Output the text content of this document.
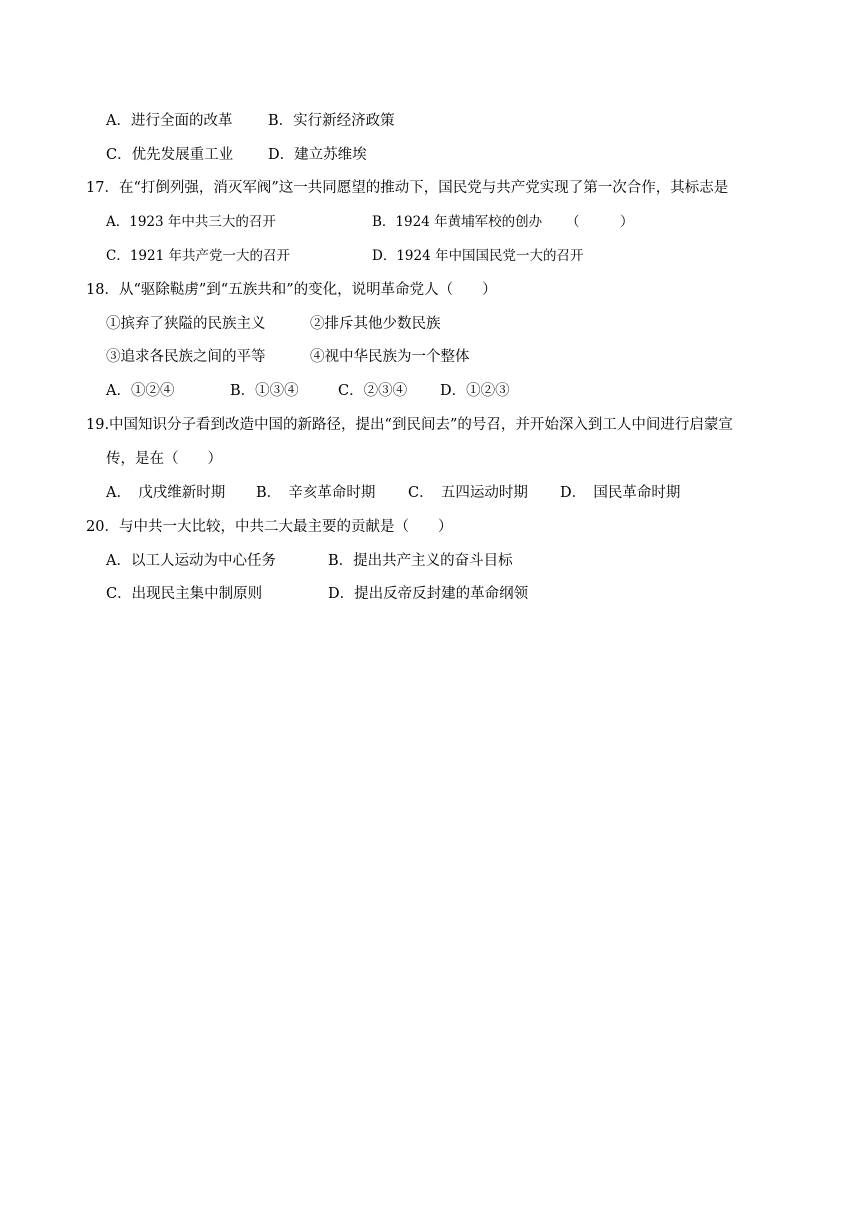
A．进行全面的改革 B．实行新经济政策
C．优先发展重工业 D．建立苏维埃
17．在“打倒列强，消灭军阀”这一共同愿望的推动下，国民党与共产党实现了第一次合作，其标志是
A．1923 年中共三大的召开	B．1924 年黄埔军校的创办 （　　　）
C．1921 年共产党一大的召开	D．1924 年中国国民党一大的召开
18．从“驱除鞑虏”到“五族共和”的变化，说明革命党人（　　）
①摈弃了狭隘的民族主义	②排斥其他少数民族
③追求各民族之间的平等	④视中华民族为一个整体
A．①②④	B．①③④	C．②③④ D．①②③
19.中国知识分子看到改造中国的新路径，提出“到民间去”的号召，并开始深入到工人中间进行启蒙宣
传，是在（　　）
A．　戊戌维新时期 B．　辛亥革命时期 C．　五四运动时期 D．　国民革命时期
20．与中共一大比较，中共二大最主要的贡献是（　　）
A．以工人运动为中心任务	B．提出共产主义的奋斗目标
C．出现民主集中制原则	D．提出反帝反封建的革命纲领
